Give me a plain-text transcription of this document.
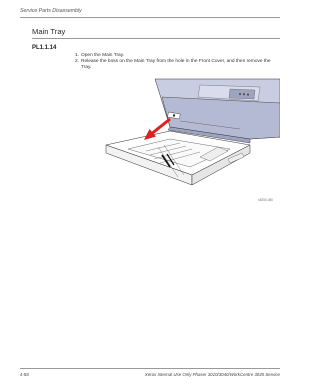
Service Parts Disassembly
Main Tray
PL1.1.14
1. Open the Main Tray.
2. Release the boss on the Main Tray from the hole in the Front Cover, and then remove the Tray.
s3050-080
4-58	Xerox Internal Use Only Phaser 3010/3040/WorkCentre 3045 Service
